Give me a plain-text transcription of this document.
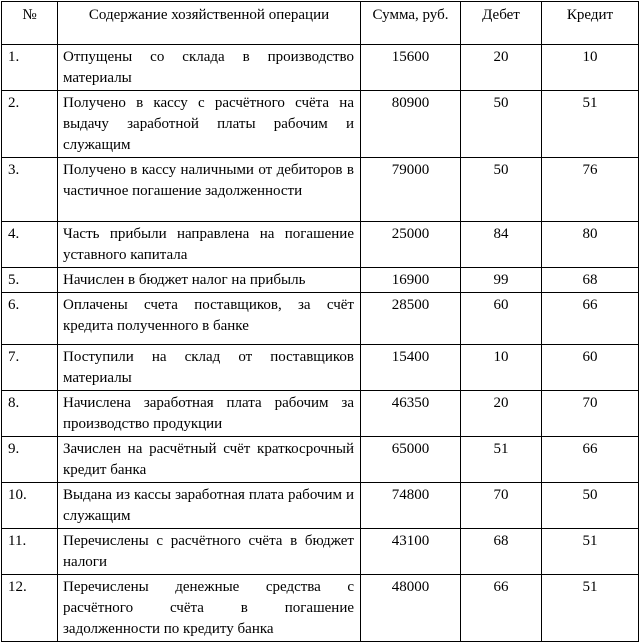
№	Содержание хозяйственной операции	Сумма, руб.	Дебет	Кредит
1.	Отпущены со склада в производство материалы	15600	20	10
2.	Получено в кассу с расчётного счёта на выдачу заработной платы рабочим и служащим	80900	50	51
3.	Получено в кассу наличными от дебиторов в частичное погашение задолженности	79000	50	76
4.	Часть прибыли направлена на погашение уставного капитала	25000	84	80
5.	Начислен в бюджет налог на прибыль	16900	99	68
6.	Оплачены счета поставщиков, за счёт кредита полученного в банке	28500	60	66
7.	Поступили на склад от поставщиков материалы	15400	10	60
8.	Начислена заработная плата рабочим за производство продукции	46350	20	70
9.	Зачислен на расчётный счёт краткосрочный кредит банка	65000	51	66
10.	Выдана из кассы заработная плата рабочим и служащим	74800	70	50
11.	Перечислены с расчётного счёта в бюджет налоги	43100	68	51
12.	Перечислены денежные средства с расчётного счёта в погашение задолженности по кредиту банка	48000	66	51
